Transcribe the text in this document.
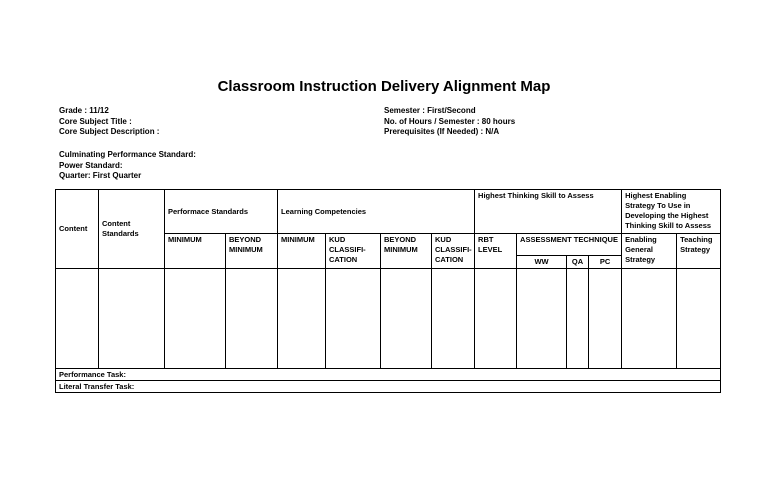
Classroom Instruction Delivery Alignment Map
Grade : 11/12
Core Subject Title :
Core Subject Description :
Semester : First/Second
No. of Hours / Semester : 80 hours
Prerequisites (If Needed) : N/A
Culminating Performance Standard:
Power Standard:
Quarter: First Quarter
Content	Content Standards	Performace Standards		Learning Competencies				Highest Thinking Skill to Assess				Highest Enabling Strategy To Use in Developing the Highest Thinking Skill to Assess	
		MINIMUM	BEYOND MINIMUM	MINIMUM	KUD CLASSIFI-CATION	BEYOND MINIMUM	KUD CLASSIFI-CATION	RBT LEVEL	ASSESSMENT TECHNIQUE			Enabling General Strategy	Teaching Strategy
									WW	QA	PC		

Performance Task:													
Literal Transfer Task:													
